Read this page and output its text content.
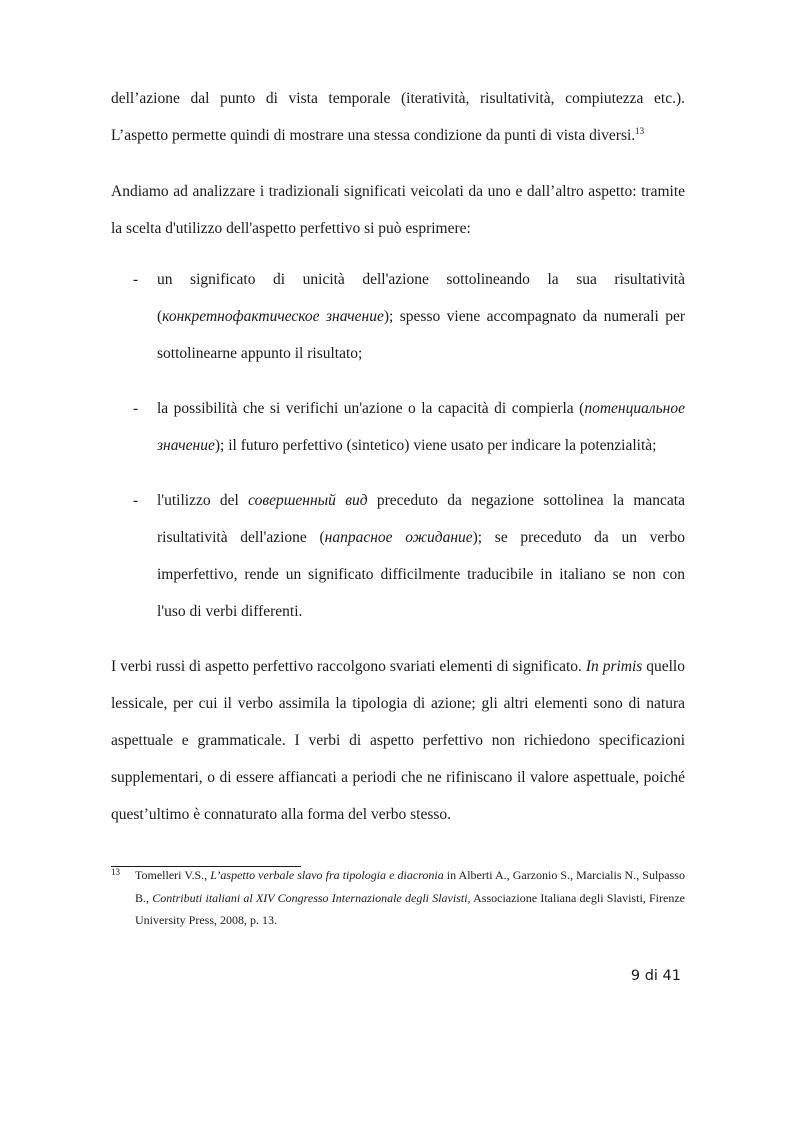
dell’azione dal punto di vista temporale (iteratività, risultatività, compiutezza etc.). L’aspetto permette quindi di mostrare una stessa condizione da punti di vista diversi.$^{13}$

Andiamo ad analizzare i tradizionali significati veicolati da uno e dall’altro aspetto: tramite la scelta d'utilizzo dell'aspetto perfettivo si può esprimere:

- un significato di unicità dell'azione sottolineando la sua risultatività (конкретнофактическое значение); spesso viene accompagnato da numerali per sottolinearne appunto il risultato;
- la possibilità che si verifichi un'azione o la capacità di compierla (потенциальное значение); il futuro perfettivo (sintetico) viene usato per indicare la potenzialità;
- l'utilizzo del совершенный вид preceduto da negazione sottolinea la mancata risultatività dell'azione (напрасное ожидание); se preceduto da un verbo imperfettivo, rende un significato difficilmente traducibile in italiano se non con l'uso di verbi differenti.

I verbi russi di aspetto perfettivo raccolgono svariati elementi di significato. In primis quello lessicale, per cui il verbo assimila la tipologia di azione; gli altri elementi sono di natura aspettuale e grammaticale. I verbi di aspetto perfettivo non richiedono specificazioni supplementari, o di essere affiancati a periodi che ne rifiniscano il valore aspettuale, poiché quest’ultimo è connaturato alla forma del verbo stesso.

13	Tomelleri V.S., L’aspetto verbale slavo fra tipologia e diacronia in Alberti A., Garzonio S., Marcialis N., Sulpasso B., Contributi italiani al XIV Congresso Internazionale degli Slavisti, Associazione Italiana degli Slavisti, Firenze University Press, 2008, p. 13.
9 di 41
